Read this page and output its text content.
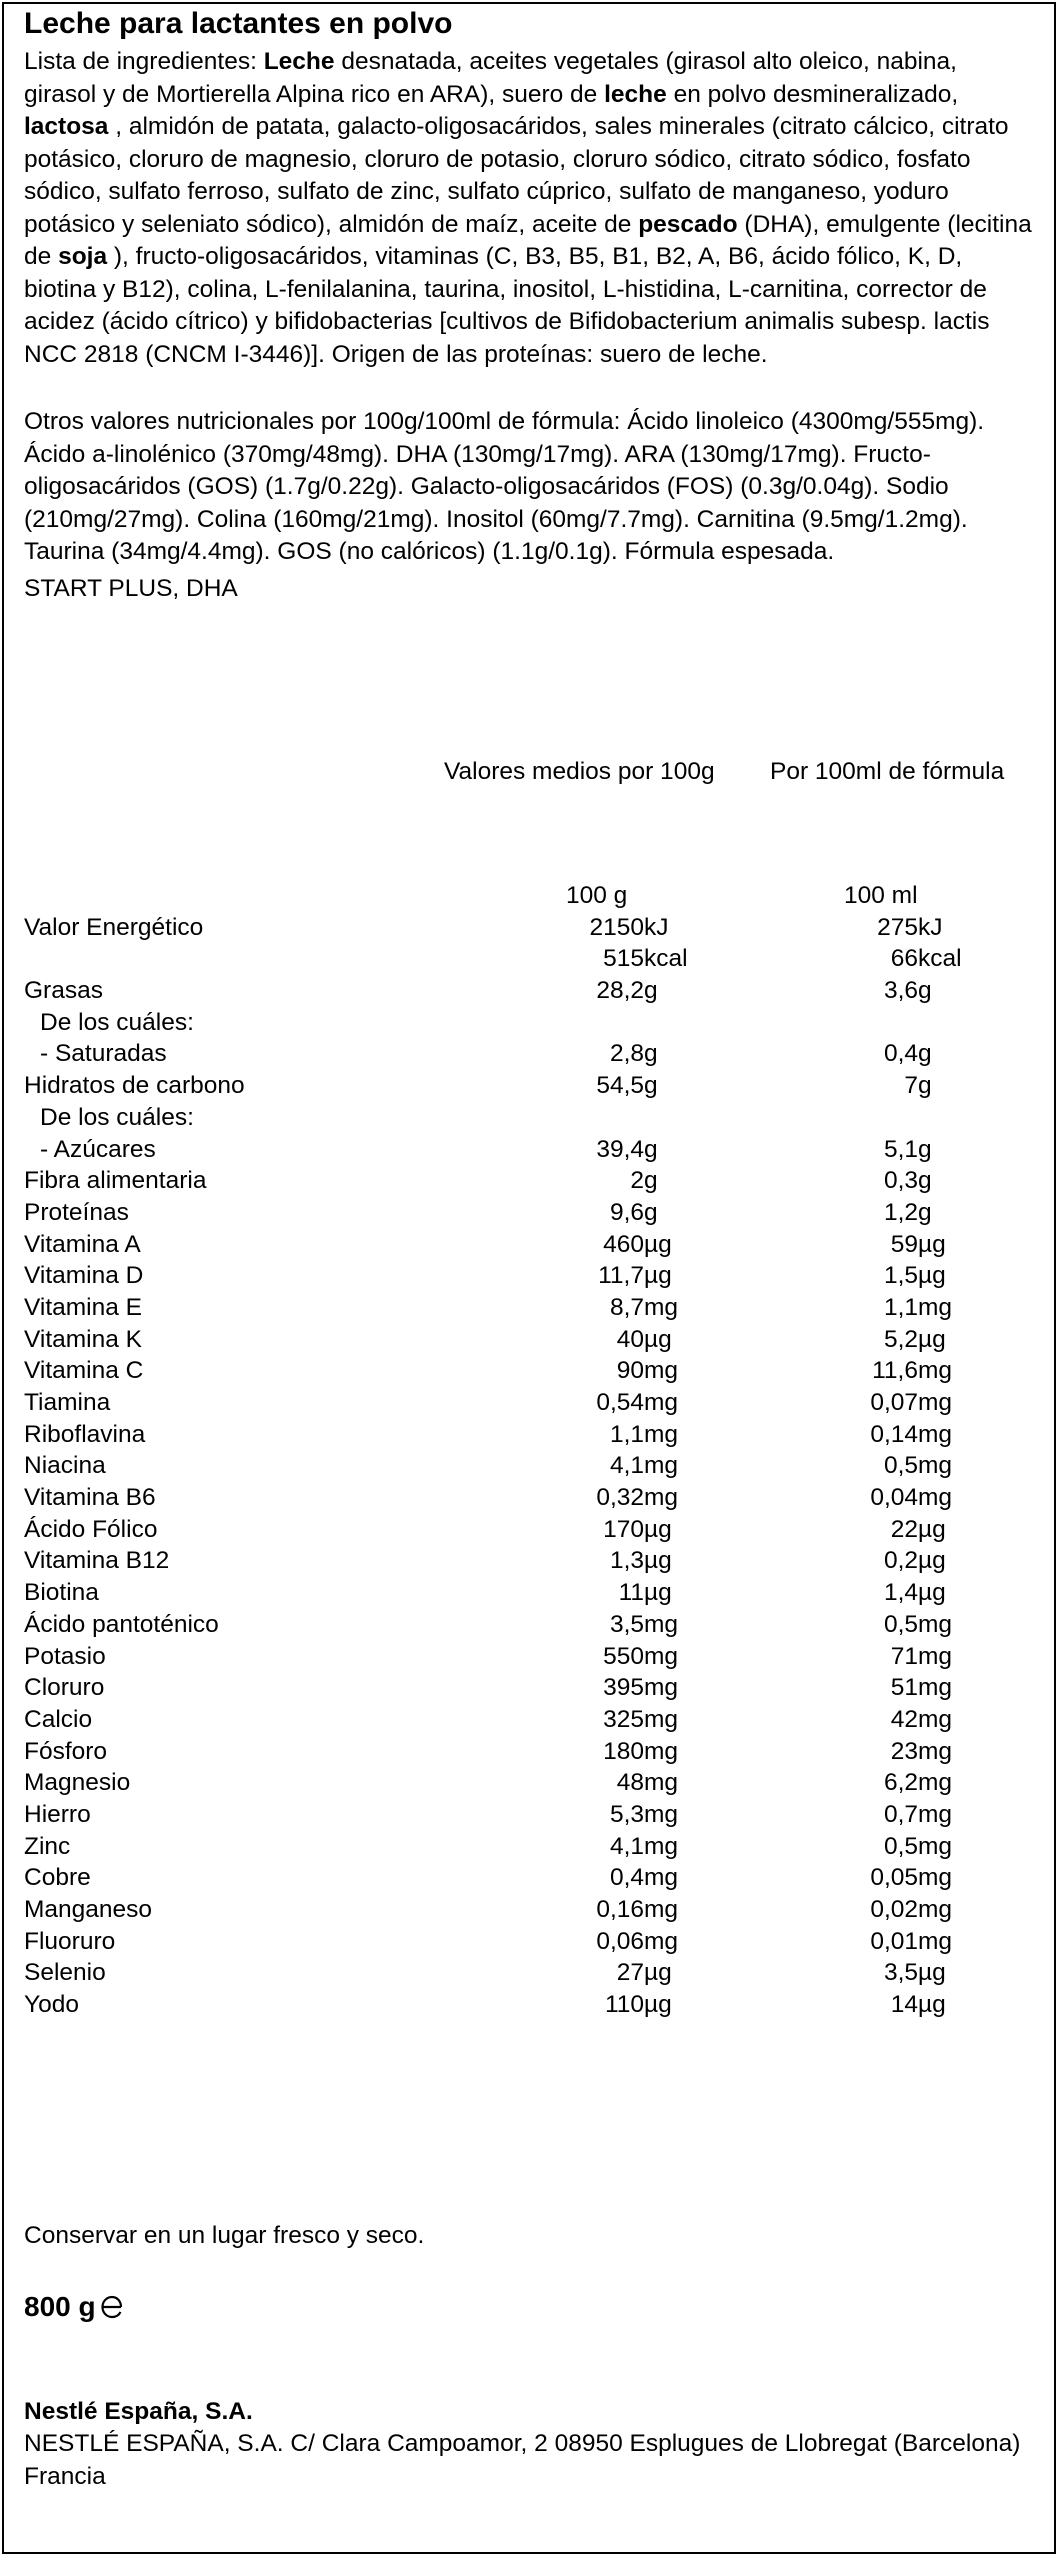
Leche para lactantes en polvo

Lista de ingredientes: Leche desnatada, aceites vegetales (girasol alto oleico, nabina, girasol y de Mortierella Alpina rico en ARA), suero de leche en polvo desmineralizado, lactosa , almidón de patata, galacto-oligosacáridos, sales minerales (citrato cálcico, citrato potásico, cloruro de magnesio, cloruro de potasio, cloruro sódico, citrato sódico, fosfato sódico, sulfato ferroso, sulfato de zinc, sulfato cúprico, sulfato de manganeso, yoduro potásico y seleniato sódico), almidón de maíz, aceite de pescado (DHA), emulgente (lecitina de soja ), fructo-oligosacáridos, vitaminas (C, B3, B5, B1, B2, A, B6, ácido fólico, K, D, biotina y B12), colina, L-fenilalanina, taurina, inositol, L-histidina, L-carnitina, corrector de acidez (ácido cítrico) y bifidobacterias [cultivos de Bifidobacterium animalis subesp. lactis NCC 2818 (CNCM I-3446)]. Origen de las proteínas: suero de leche.

Otros valores nutricionales por 100g/100ml de fórmula: Ácido linoleico (4300mg/555mg). Ácido a-linolénico (370mg/48mg). DHA (130mg/17mg). ARA (130mg/17mg). Fructo-oligosacáridos (GOS) (1.7g/0.22g). Galacto-oligosacáridos (FOS) (0.3g/0.04g). Sodio (210mg/27mg). Colina (160mg/21mg). Inositol (60mg/7.7mg). Carnitina (9.5mg/1.2mg). Taurina (34mg/4.4mg). GOS (no calóricos) (1.1g/0.1g). Fórmula espesada.

START PLUS, DHA

Valores medios por 100g Por 100ml de fórmula
100 g	100 ml
Valor Energético	2150 kJ	275 kJ
515 kcal	66 kcal
Grasas	28,2 g	3,6 g
De los cuáles:
- Saturadas	2,8 g	0,4 g
Hidratos de carbono	54,5 g	7 g
De los cuáles:
- Azúcares	39,4 g	5,1 g
Fibra alimentaria	2 g	0,3 g
Proteínas	9,6 g	1,2 g
Vitamina A	460 µg	59 µg
Vitamina D	11,7 µg	1,5 µg
Vitamina E	8,7 mg	1,1 mg
Vitamina K	40 µg	5,2 µg
Vitamina C	90 mg	11,6 mg
Tiamina	0,54 mg	0,07 mg
Riboflavina	1,1 mg	0,14 mg
Niacina	4,1 mg	0,5 mg
Vitamina B6	0,32 mg	0,04 mg
Ácido Fólico	170 µg	22 µg
Vitamina B12	1,3 µg	0,2 µg
Biotina	11 µg	1,4 µg
Ácido pantoténico	3,5 mg	0,5 mg
Potasio	550 mg	71 mg
Cloruro	395 mg	51 mg
Calcio	325 mg	42 mg
Fósforo	180 mg	23 mg
Magnesio	48 mg	6,2 mg
Hierro	5,3 mg	0,7 mg
Zinc	4,1 mg	0,5 mg
Cobre	0,4 mg	0,05 mg
Manganeso	0,16 mg	0,02 mg
Fluoruro	0,06 mg	0,01 mg
Selenio	27 µg	3,5 µg
Yodo	110 µg	14 µg
Conservar en un lugar fresco y seco.
800 g
Nestlé España, S.A.
NESTLÉ ESPAÑA, S.A. C/ Clara Campoamor, 2 08950 Esplugues de Llobregat (Barcelona)
Francia
